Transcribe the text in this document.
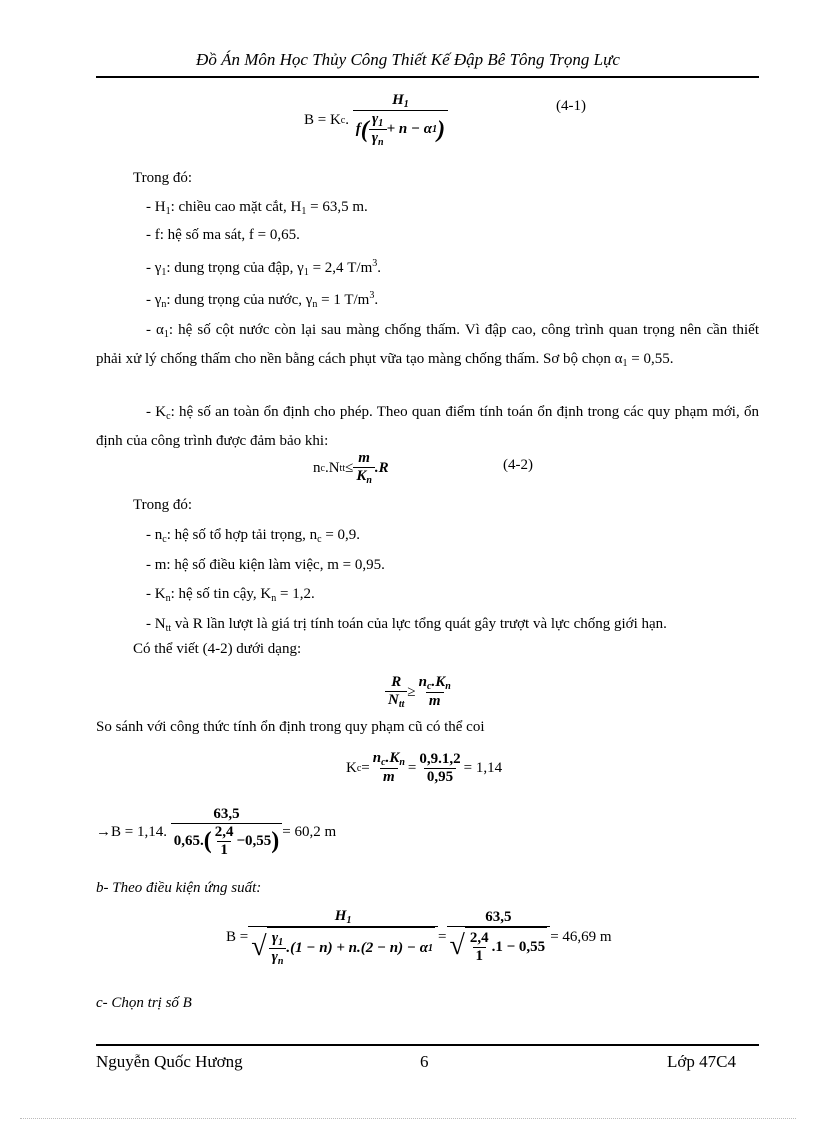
Đồ Án Môn Học Thủy Công Thiết Kế Đập Bê Tông Trọng Lực
B = K c .
$\frac{H_1}{f ( \frac{\gamma_1}{\gamma_n} + n - \alpha 1 )}$	(4-1)
Trong đó:
- $H_1$: chiều cao mặt cắt, $H_1 = 63,5$ m.
- f: hệ số ma sát, f = 0,65.
- $\gamma_1$: dung trọng của đập, $\gamma_1 = 2,4$ $T/m^3$.
- $\gamma_n$: dung trọng của nước, $\gamma_n = 1$ $T/m^3$.
- $\alpha_1$: hệ số cột nước còn lại sau màng chống thấm. Vì đập cao, công trình quan trọng nên cần thiết phải xử lý chống thấm cho nền bằng cách phụt vữa tạo màng chống thấm. Sơ bộ chọn $\alpha_1 = 0,55$.
- $K_c$: hệ số an toàn ổn định cho phép. Theo quan điểm tính toán ổn định trong các quy phạm mới, ổn định của công trình được đảm bảo khi:
n c .N tt ≤ $\frac{m}{K_n} .R$	(4-2)
Trong đó:
- $n_c$: hệ số tổ hợp tải trọng, $n_c = 0,9$.
- m: hệ số điều kiện làm việc, m = 0,95.
- $K_n$: hệ số tin cậy, $K_n = 1,2$.
- $N_{tt}$ và R lần lượt là giá trị tính toán của lực tổng quát gây trượt và lực chống giới hạn.
Có thể viết (4-2) dưới dạng:
$\frac{R}{N_{tt}} \ge \frac{n_c.K_n}{m}$
So sánh với công thức tính ổn định trong quy phạm cũ có thể coi
K $c = \frac{n_c.K_n}{m} = \frac{0,9.1,2}{0,95} = 1,14$
→B = 1,14.
$\frac{63,5}{0,65. ( \frac{2,4}{1} -0,55 )} = 60,2$ m
b- Theo điều kiện ứng suất:
$B = \frac{H_1}{√ \frac{\gamma_1}{\gamma_n} .(1 - n) + n.(2 - n) - \alpha 1} = \frac{63,5}{√ \frac{2,4}{1} .1 - 0,55} = 46,69$ m
c- Chọn trị số B
Nguyễn Quốc Hương	6	Lớp 47C4
